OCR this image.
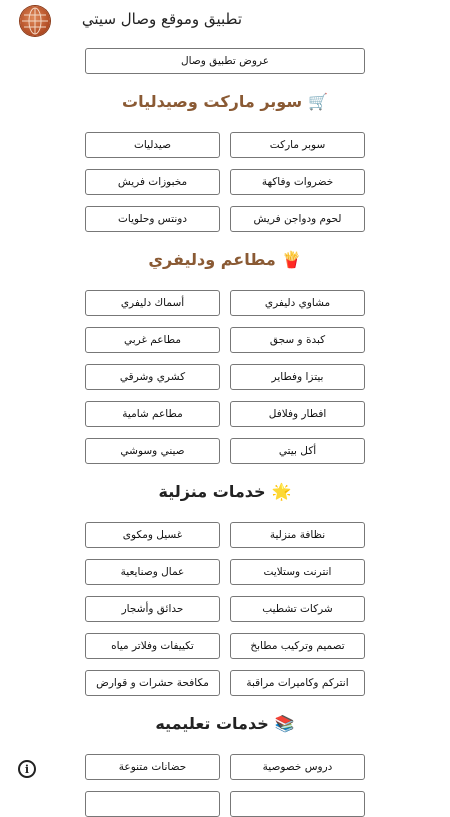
تطبيق وموقع وصال سيتي
عروض تطبيق وصال
🛒سوبر ماركت وصيدليات
سوبر ماركت
صيدليات
خضروات وفاكهة
مخبوزات فريش
لحوم ودواجن فريش
دونتس وحلويات
🍟مطاعم ودليفري
مشاوي دليفري
أسماك دليفري
كبدة و سجق
مطاعم غربي
بيتزا وفطاير
كشري وشرقي
افطار وفلافل
مطاعم شامية
أكل بيتي
صيني وسوشي
🌟خدمات منزلية
نظافة منزلية
غسيل ومكوى
انترنت وستلايت
عمال وصنايعية
شركات تشطيب
حدائق وأشجار
تصميم وتركيب مطابخ
تكييفات وفلاتر مياه
انتركم وكاميرات مراقبة
مكافحة حشرات و قوارض
📚خدمات تعليميه
دروس خصوصية
حضانات متنوعة
i
